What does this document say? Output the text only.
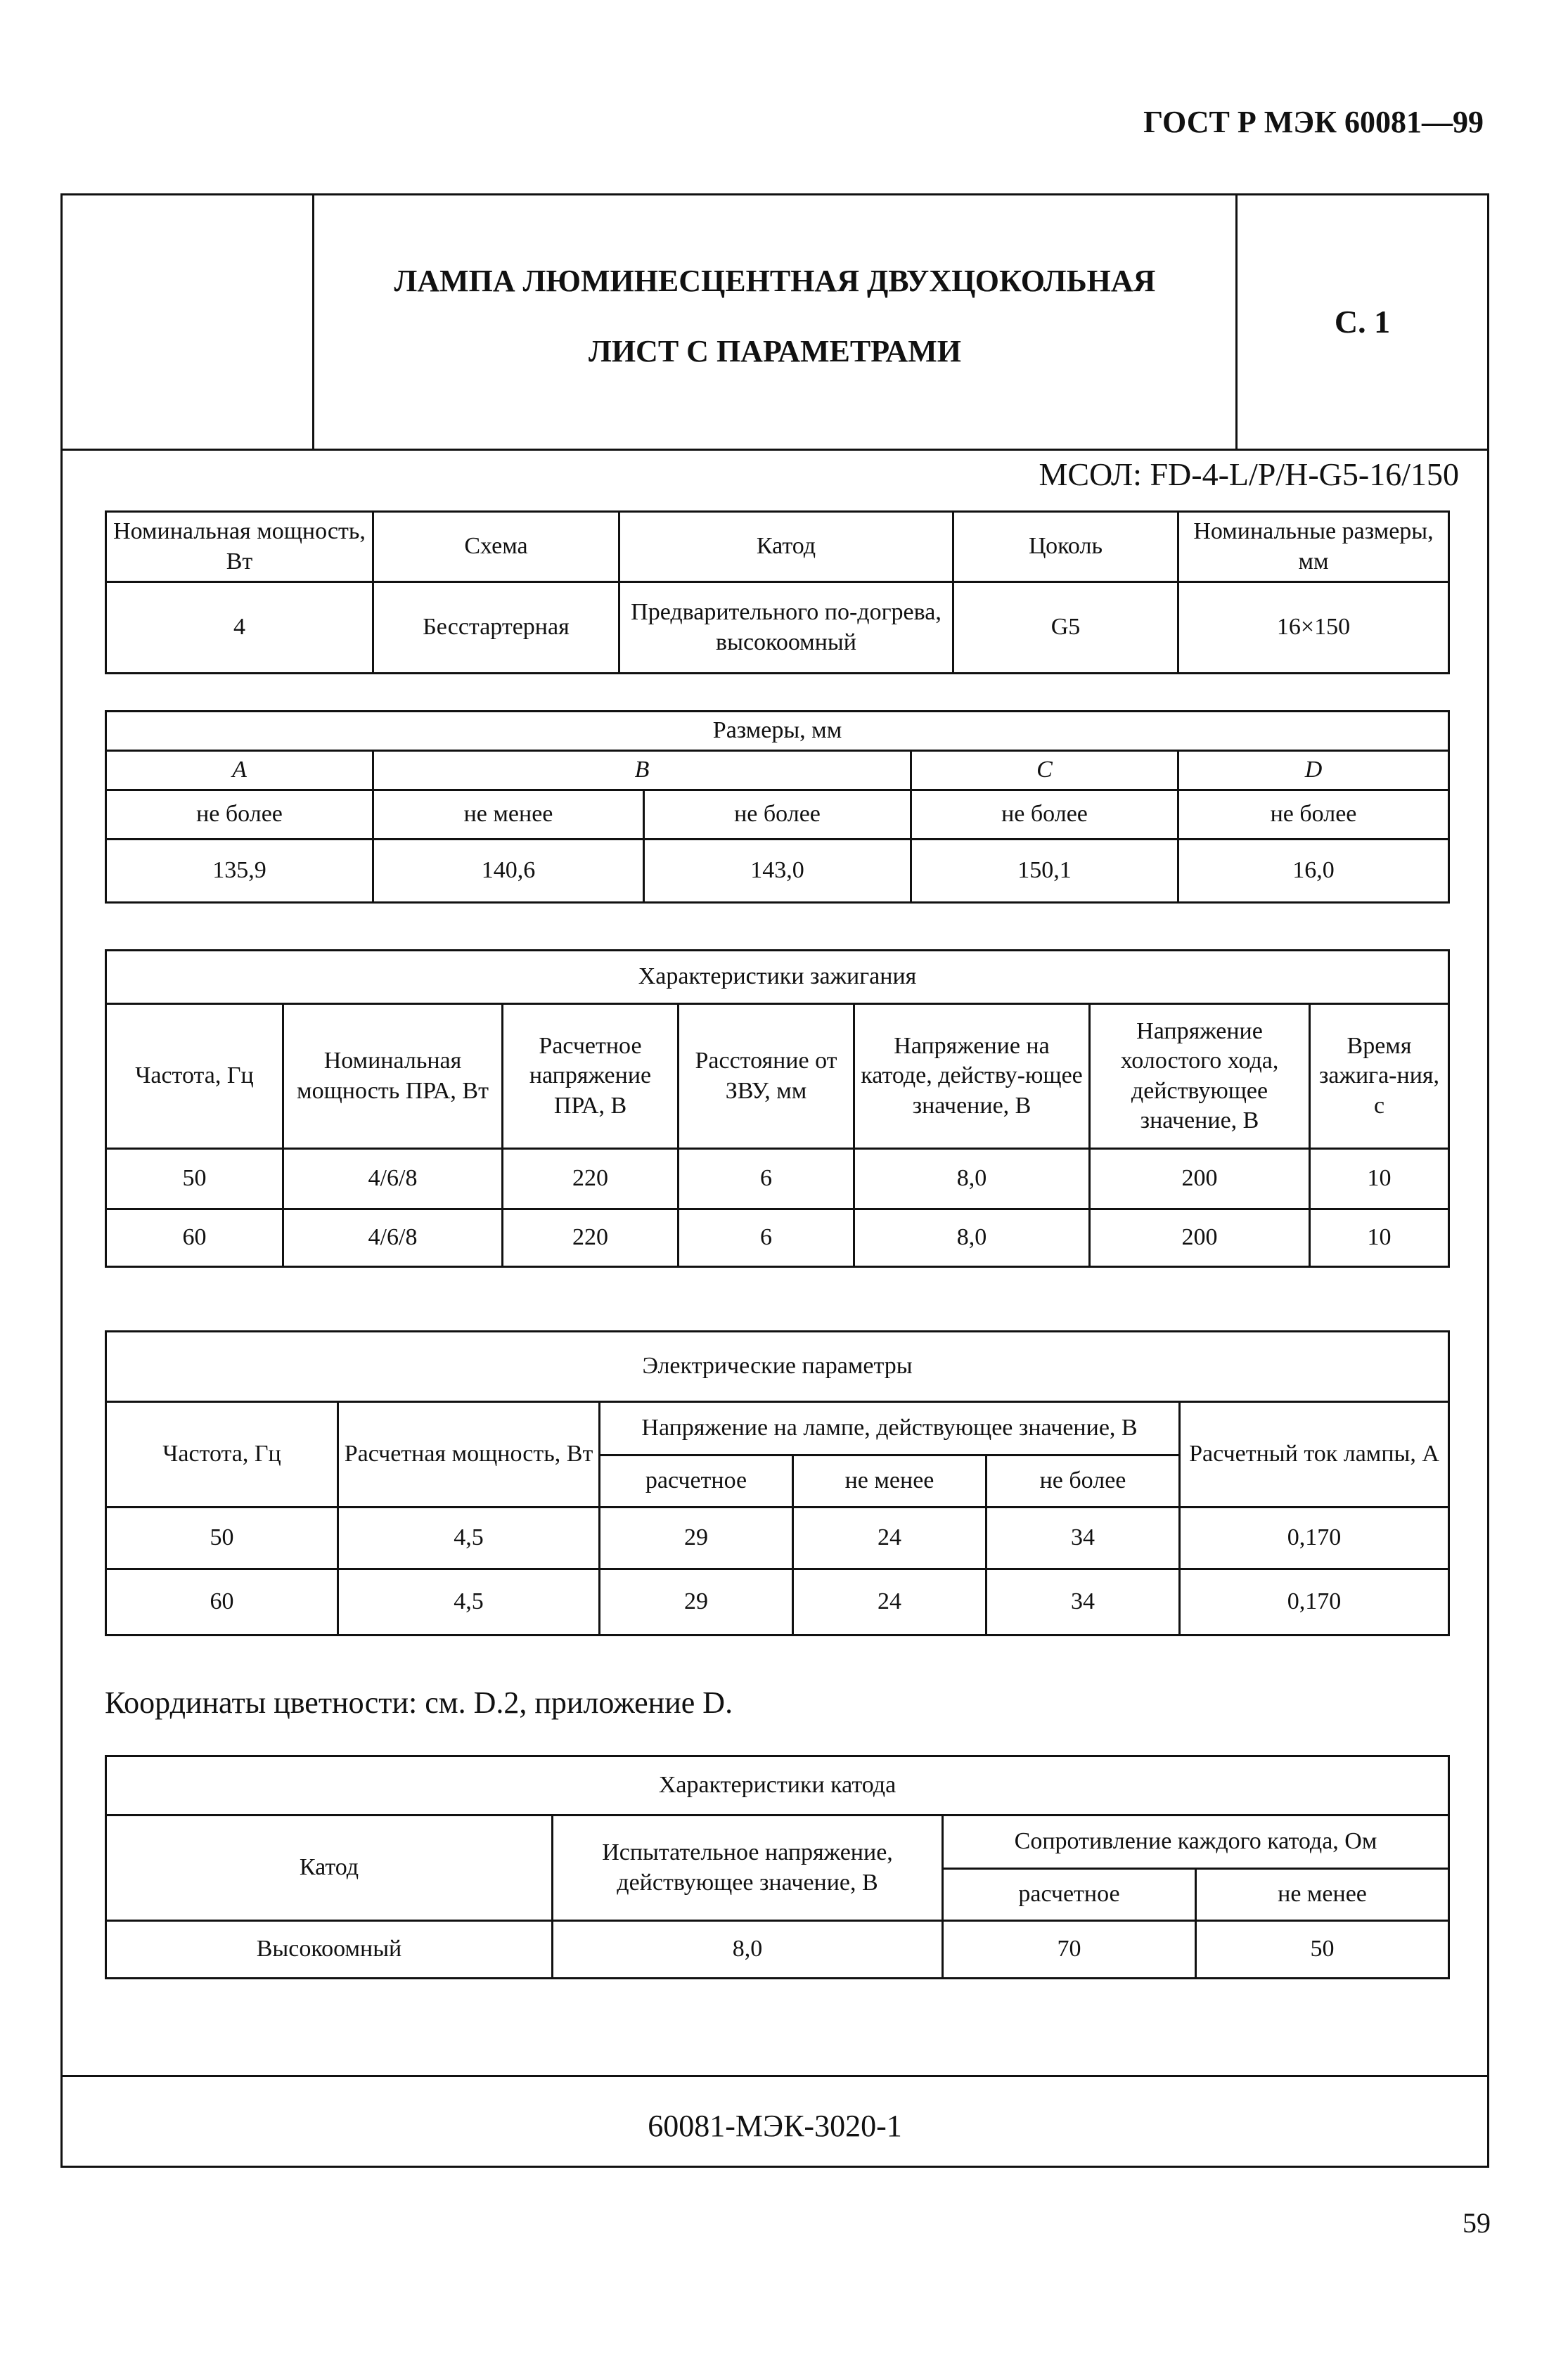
ГОСТ Р МЭК 60081—99
ЛАМПА ЛЮМИНЕСЦЕНТНАЯ ДВУХЦОКОЛЬНАЯ
ЛИСТ С ПАРАМЕТРАМИ
С. 1
МСОЛ: FD-4-L/P/H-G5-16/150
Номинальная мощность, Вт	Схема	Катод	Цоколь	Номинальные размеры, мм
4	Бесстартерная	Предварительного по-догрева, высокоомный	G5	16×150
Размеры, мм				
A	B		C	D
не более	не менее	не более	не более	не более
135,9	140,6	143,0	150,1	16,0
Характеристики зажигания						
Частота, Гц	Номинальная мощность ПРА, Вт	Расчетное напряжение ПРА, В	Расстояние от ЗВУ, мм	Напряжение на катоде, действу-ющее значение, В	Напряжение холостого хода, действующее значение, В	Время зажига-ния, с
50	4/6/8	220	6	8,0	200	10
60	4/6/8	220	6	8,0	200	10
Электрические параметры					
Частота, Гц	Расчетная мощность, Вт	Напряжение на лампе, действующее значение, В			Расчетный ток лампы, А
		расчетное	не менее	не более	
50	4,5	29	24	34	0,170
60	4,5	29	24	34	0,170
Координаты цветности: см. D.2, приложение D.
Характеристики катода			
Катод	Испытательное напряжение, действующее значение, В	Сопротивление каждого катода, Ом	
		расчетное	не менее
Высокоомный	8,0	70	50
60081-МЭК-3020-1
59
